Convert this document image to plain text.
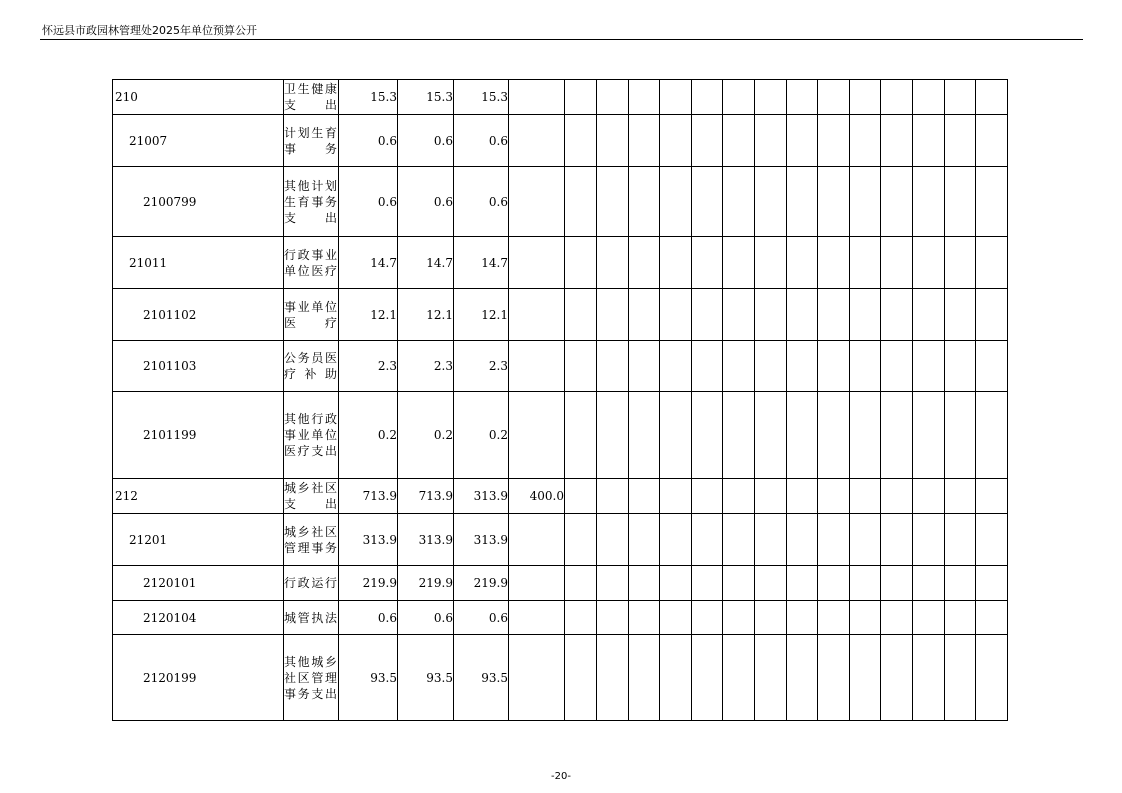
怀远县市政园林管理处2025年单位预算公开
210	卫生健康支出	15.3	15.3	15.3															
21007	计划生育事务	0.6	0.6	0.6															
2100799	其他计划生育事务支出	0.6	0.6	0.6															
21011	行政事业单位医疗	14.7	14.7	14.7															
2101102	事业单位医疗	12.1	12.1	12.1															
2101103	公务员医疗补助	2.3	2.3	2.3															
2101199	其他行政事业单位医疗支出	0.2	0.2	0.2															
212	城乡社区支出	713.9	713.9	313.9	400.0														
21201	城乡社区管理事务	313.9	313.9	313.9															
2120101	行政运行	219.9	219.9	219.9															
2120104	城管执法	0.6	0.6	0.6															
2120199	其他城乡社区管理事务支出	93.5	93.5	93.5															
-20-
